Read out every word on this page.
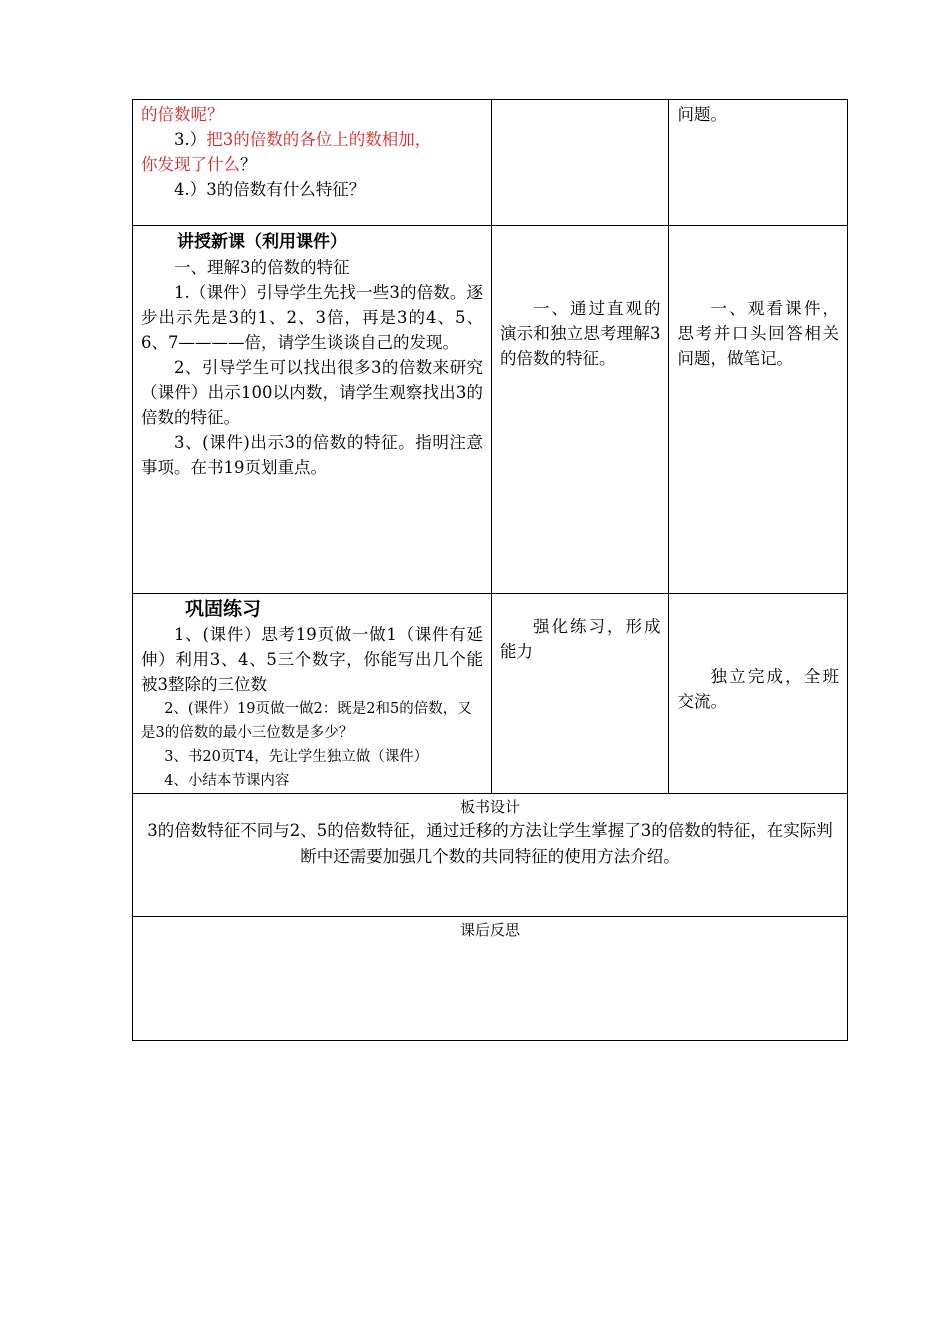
的倍数呢？

3.）把3的倍数的各位上的数相加，

你发现了什么？

4.）3的倍数有什么特征？		问题。

讲授新课（利用课件）

一、理解3的倍数的特征

1.（课件）引导学生先找一些3的倍数。逐步出示先是3的1、2、3倍，再是3的4、5、6、7————倍，请学生谈谈自己的发现。

2、引导学生可以找出很多3的倍数来研究（课件）出示100以内数，请学生观察找出3的倍数的特征。

3、(课件)出示3的倍数的特征。指明注意事项。在书19页划重点。	一、通过直观的演示和独立思考理解3的倍数的特征。	一、观看课件，思考并口头回答相关问题，做笔记。

巩固练习

1、(课件）思考19页做一做1（课件有延伸）利用3、4、5三个数字，你能写出几个能被3整除的三位数

2、(课件）19页做一做2：既是2和5的倍数，又是3的倍数的最小三位数是多少？

3、书20页T4，先让学生独立做（课件）

4、小结本节课内容	强化练习，形成能力	独立完成，全班交流。

板书设计
3的倍数特征不同与2、5的倍数特征，通过迁移的方法让学生掌握了3的倍数的特征，在实际判断中还需要加强几个数的共同特征的使用方法介绍。		

课后反思		
